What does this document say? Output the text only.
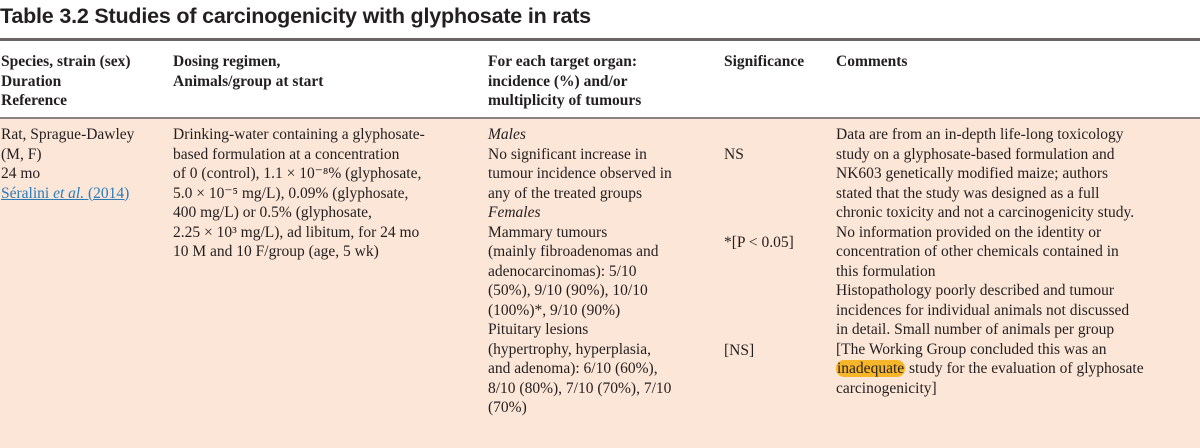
Table 3.2 Studies of carcinogenicity with glyphosate in rats
Species, strain (sex)
Duration
Reference
Dosing regimen,
Animals/group at start
For each target organ:
incidence (%) and/or
multiplicity of tumours
Significance Comments
Rat, Sprague-Dawley
(M, F)
24 mo
Séralini et al. (2014)
Drinking-water containing a glyphosate-
based formulation at a concentration
of 0 (control), 1.1 × 10⁻⁸% (glyphosate,
5.0 × 10⁻⁵ mg/L), 0.09% (glyphosate,
400 mg/L) or 0.5% (glyphosate,
2.25 × 10³ mg/L), ad libitum, for 24 mo
10 M and 10 F/group (age, 5 wk)
Males
No significant increase in
tumour incidence observed in
any of the treated groups
Females
Mammary tumours
(mainly fibroadenomas and
adenocarcinomas): 5/10
(50%), 9/10 (90%), 10/10
(100%)*, 9/10 (90%)
Pituitary lesions
(hypertrophy, hyperplasia,
and adenoma): 6/10 (60%),
8/10 (80%), 7/10 (70%), 7/10
(70%)
NS
*[P < 0.05]
[NS]
Data are from an in-depth life-long toxicology
study on a glyphosate-based formulation and
NK603 genetically modified maize; authors
stated that the study was designed as a full
chronic toxicity and not a carcinogenicity study.
No information provided on the identity or
concentration of other chemicals contained in
this formulation
Histopathology poorly described and tumour
incidences for individual animals not discussed
in detail. Small number of animals per group
[The Working Group concluded this was an
inadequate study for the evaluation of glyphosate
carcinogenicity]
